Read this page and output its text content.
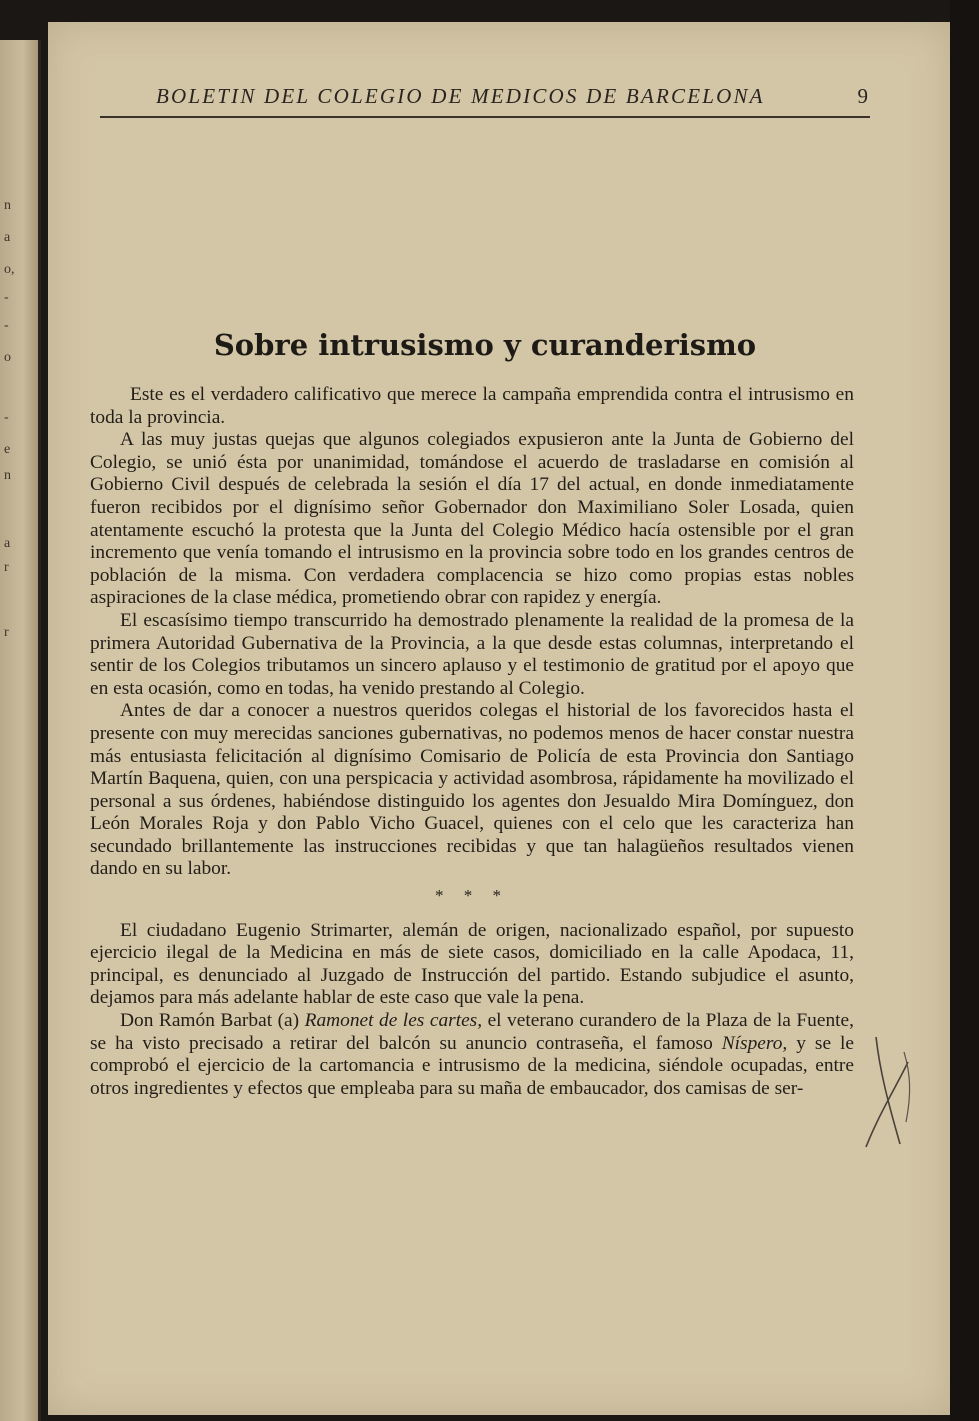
n
a
o,
-
-
o
-
e
n
a
r
r
BOLETIN DEL COLEGIO DE MEDICOS DE BARCELONA	9
Sobre intrusismo y curanderismo

Este es el verdadero calificativo que merece la campaña emprendida contra el intrusismo en toda la provincia.

A las muy justas quejas que algunos colegiados expusieron ante la Junta de Gobierno del Colegio, se unió ésta por unanimidad, tomándose el acuerdo de trasladarse en comisión al Gobierno Civil después de celebrada la sesión el día 17 del actual, en donde inmediatamente fueron recibidos por el dignísimo señor Gobernador don Maximiliano Soler Losada, quien atentamente escuchó la protesta que la Junta del Colegio Médico hacía ostensible por el gran incremento que venía tomando el intrusismo en la provincia sobre todo en los grandes centros de población de la misma. Con verdadera complacencia se hizo como propias estas nobles aspiraciones de la clase médica, prometiendo obrar con rapidez y energía.

El escasísimo tiempo transcurrido ha demostrado plenamente la realidad de la promesa de la primera Autoridad Gubernativa de la Provincia, a la que desde estas columnas, interpretando el sentir de los Colegios tributamos un sincero aplauso y el testimonio de gratitud por el apoyo que en esta ocasión, como en todas, ha venido prestando al Colegio.

Antes de dar a conocer a nuestros queridos colegas el historial de los favorecidos hasta el presente con muy merecidas sanciones gubernativas, no podemos menos de hacer constar nuestra más entusiasta felicitación al dignísimo Comisario de Policía de esta Provincia don Santiago Martín Baquena, quien, con una perspicacia y actividad asombrosa, rápidamente ha movilizado el personal a sus órdenes, habiéndose distinguido los agentes don Jesualdo Mira Domínguez, don León Morales Roja y don Pablo Vicho Guacel, quienes con el celo que les caracteriza han secundado brillantemente las instrucciones recibidas y que tan halagüeños resultados vienen dando en su labor.

* * *

El ciudadano Eugenio Strimarter, alemán de origen, nacionalizado español, por supuesto ejercicio ilegal de la Medicina en más de siete casos, domiciliado en la calle Apodaca, 11, principal, es denunciado al Juzgado de Instrucción del partido. Estando subjudice el asunto, dejamos para más adelante hablar de este caso que vale la pena.

Don Ramón Barbat (a) Ramonet de les cartes, el veterano curandero de la Plaza de la Fuente, se ha visto precisado a retirar del balcón su anuncio contraseña, el famoso Níspero, y se le comprobó el ejercicio de la cartomancia e intrusismo de la medicina, siéndole ocupadas, entre otros ingredientes y efectos que empleaba para su maña de embaucador, dos camisas de ser-
